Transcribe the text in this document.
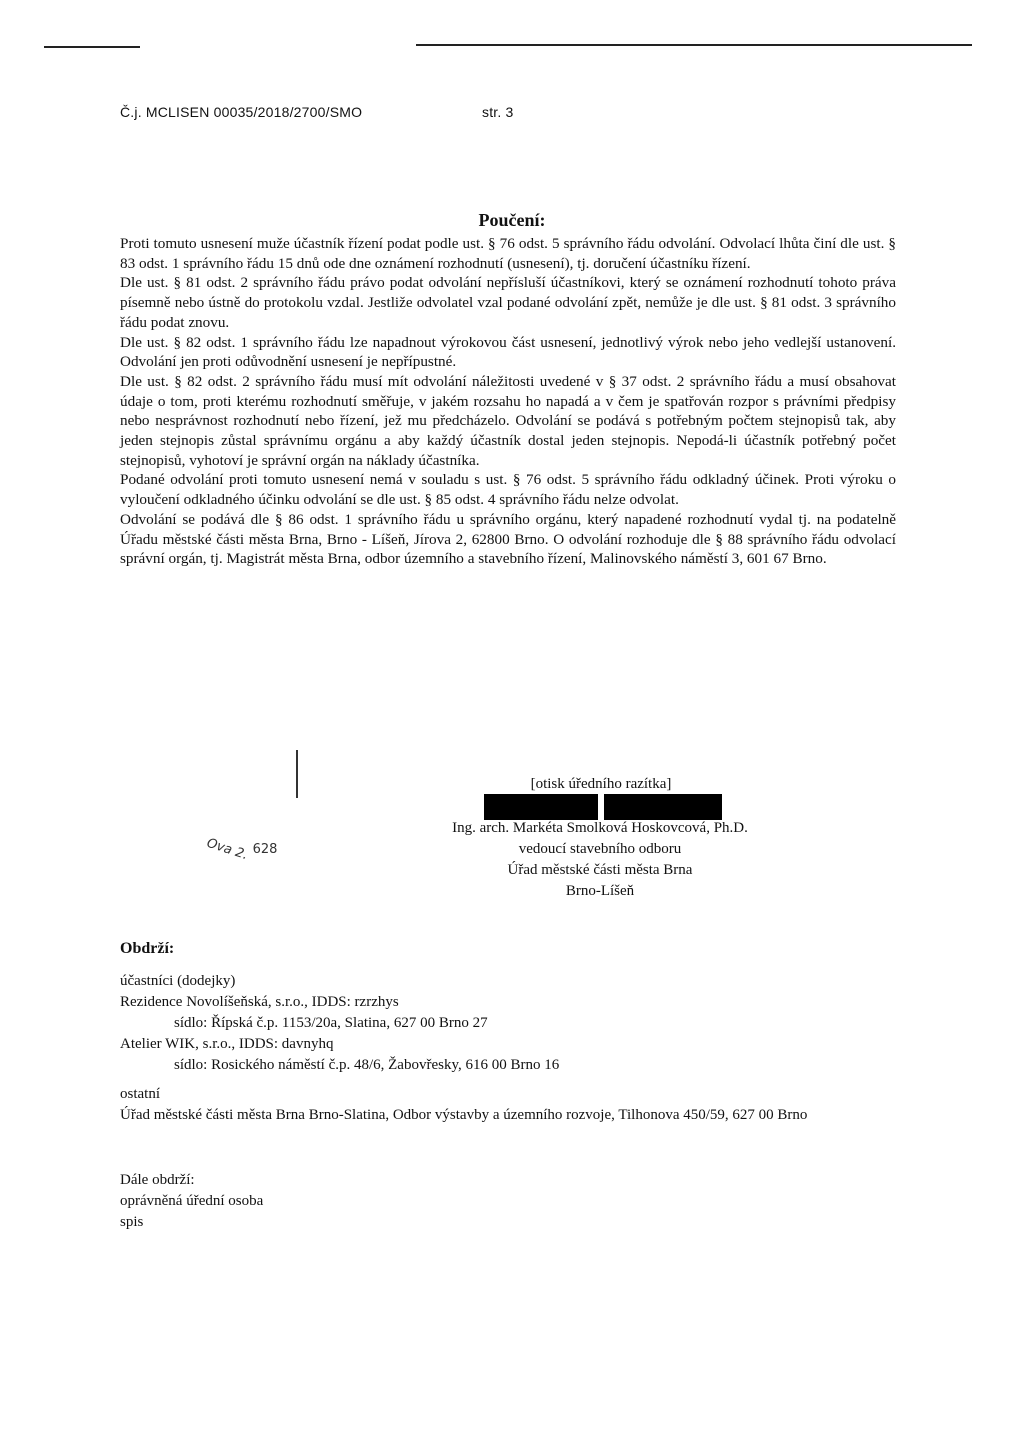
Č.j. MCLISEN 00035/2018/2700/SMO	str. 3
Poučení:

Proti tomuto usnesení muže účastník řízení podat podle ust. § 76 odst. 5 správního řádu odvolání. Odvolací lhůta činí dle ust. § 83 odst. 1 správního řádu 15 dnů ode dne oznámení rozhodnutí (usnesení), tj. doručení účastníku řízení.

Dle ust. § 81 odst. 2 správního řádu právo podat odvolání nepřísluší účastníkovi, který se oznámení rozhodnutí tohoto práva písemně nebo ústně do protokolu vzdal. Jestliže odvolatel vzal podané odvolání zpět, nemůže je dle ust. § 81 odst. 3 správního řádu podat znovu.

Dle ust. § 82 odst. 1 správního řádu lze napadnout výrokovou část usnesení, jednotlivý výrok nebo jeho vedlejší ustanovení. Odvolání jen proti odůvodnění usnesení je nepřípustné.

Dle ust. § 82 odst. 2 správního řádu musí mít odvolání náležitosti uvedené v § 37 odst. 2 správního řádu a musí obsahovat údaje o tom, proti kterému rozhodnutí směřuje, v jakém rozsahu ho napadá a v čem je spatřován rozpor s právními předpisy nebo nesprávnost rozhodnutí nebo řízení, jež mu předcházelo. Odvolání se podává s potřebným počtem stejnopisů tak, aby jeden stejnopis zůstal správnímu orgánu a aby každý účastník dostal jeden stejnopis. Nepodá-li účastník potřebný počet stejnopisů, vyhotoví je správní orgán na náklady účastníka.

Podané odvolání proti tomuto usnesení nemá v souladu s ust. § 76 odst. 5 správního řádu odkladný účinek. Proti výroku o vyloučení odkladného účinku odvolání se dle ust. § 85 odst. 4 správního řádu nelze odvolat.

Odvolání se podává dle § 86 odst. 1 správního řádu u správního orgánu, který napadené rozhodnutí vydal tj. na podatelně Úřadu městské části města Brna, Brno - Líšeň, Jírova 2, 62800 Brno. O odvolání rozhoduje dle § 88 správního řádu odvolací správní orgán, tj. Magistrát města Brna, odbor územního a stavebního řízení, Malinovského náměstí 3, 601 67 Brno.

[otisk úředního razítka]
Ing. arch. Markéta Smolková Hoskovcová, Ph.D.
vedoucí stavebního odboru
Úřad městské části města Brna
Brno-Líšeň
Ova 2. 628
Obdrží:
účastníci (dodejky)
Rezidence Novolíšeňská, s.r.o., IDDS: rzrzhys
sídlo: Řípská č.p. 1153/20a, Slatina, 627 00 Brno 27
Atelier WIK, s.r.o., IDDS: davnyhq
sídlo: Rosického náměstí č.p. 48/6, Žabovřesky, 616 00 Brno 16
ostatní
Úřad městské části města Brna Brno-Slatina, Odbor výstavby a územního rozvoje, Tilhonova 450/59, 627 00 Brno
Dále obdrží:
oprávněná úřední osoba
spis
